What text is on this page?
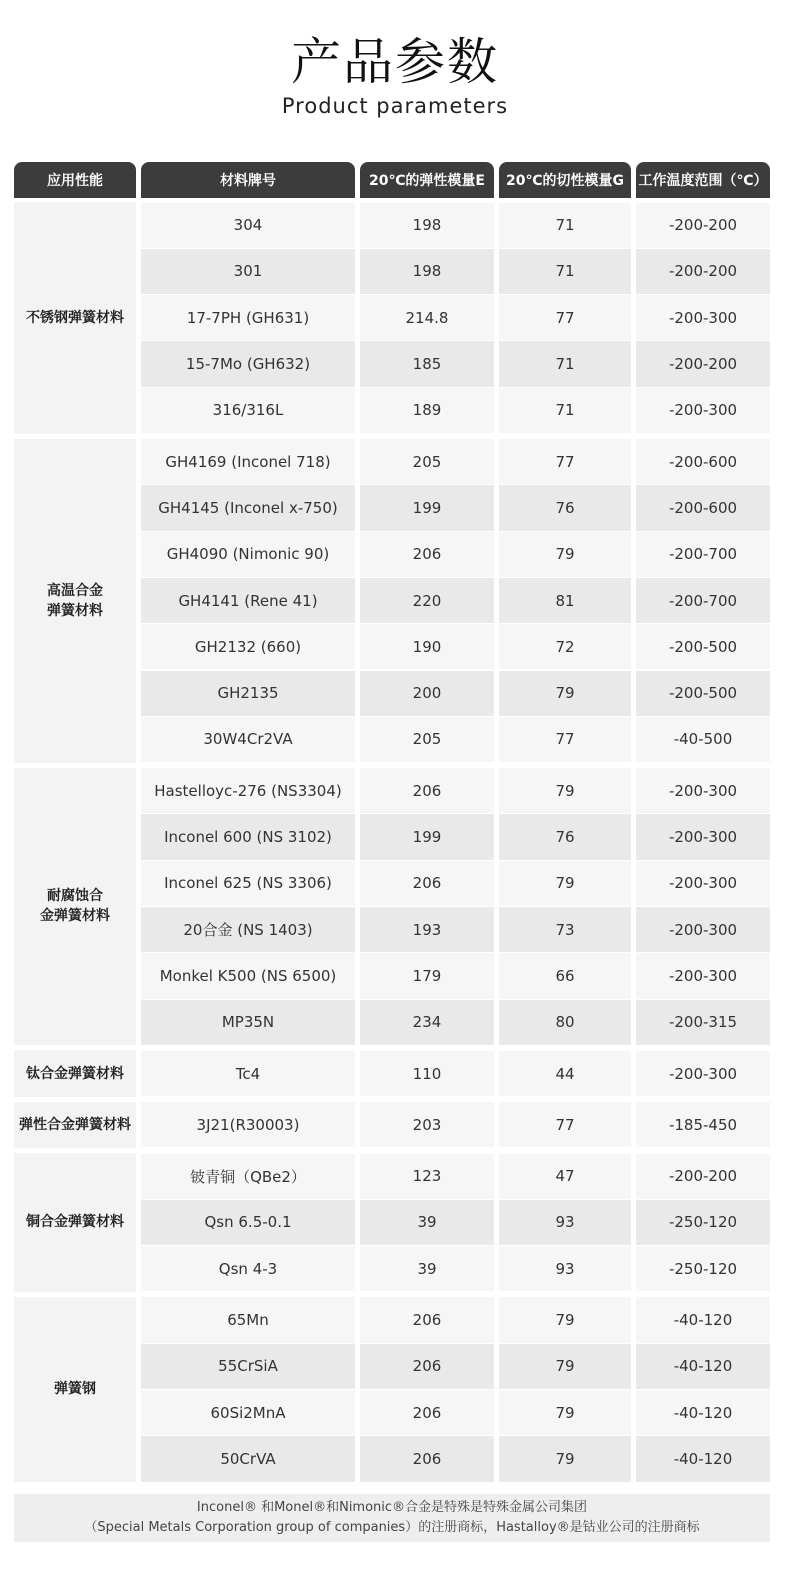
产品参数
Product parameters
应用性能	材料牌号	20℃的弹性模量E	20℃的切性模量G	工作温度范围（℃）
不锈钢弹簧材料
304	198	71	-200-200
301	198	71	-200-200
17-7PH (GH631)	214.8	77	-200-300
15-7Mo (GH632)	185	71	-200-200
316/316L	189	71	-200-300
高温合金
弹簧材料
GH4169 (Inconel 718)	205	77	-200-600
GH4145 (Inconel x-750)	199	76	-200-600
GH4090 (Nimonic 90)	206	79	-200-700
GH4141 (Rene 41)	220	81	-200-700
GH2132 (660)	190	72	-200-500
GH2135	200	79	-200-500
30W4Cr2VA	205	77	-40-500
耐腐蚀合
金弹簧材料
Hastelloyc-276 (NS3304)	206	79	-200-300
Inconel 600 (NS 3102)	199	76	-200-300
Inconel 625 (NS 3306)	206	79	-200-300
20合金 (NS 1403)	193	73	-200-300
Monkel K500 (NS 6500)	179	66	-200-300
MP35N	234	80	-200-315
钛合金弹簧材料	Tc4	110	44	-200-300
弹性合金弹簧材料	3J21(R30003)	203	77	-185-450
铜合金弹簧材料
铍青铜（QBe2）	123	47	-200-200
Qsn 6.5-0.1	39	93	-250-120
Qsn 4-3	39	93	-250-120
弹簧钢
65Mn	206	79	-40-120
55CrSiA	206	79	-40-120
60Si2MnA	206	79	-40-120
50CrVA	206	79	-40-120
Inconel® 和Monel®和Nimonic®合金是特殊是特殊金属公司集团
（Special Metals Corporation group of companies）的注册商标，Hastalloy®是钴业公司的注册商标
